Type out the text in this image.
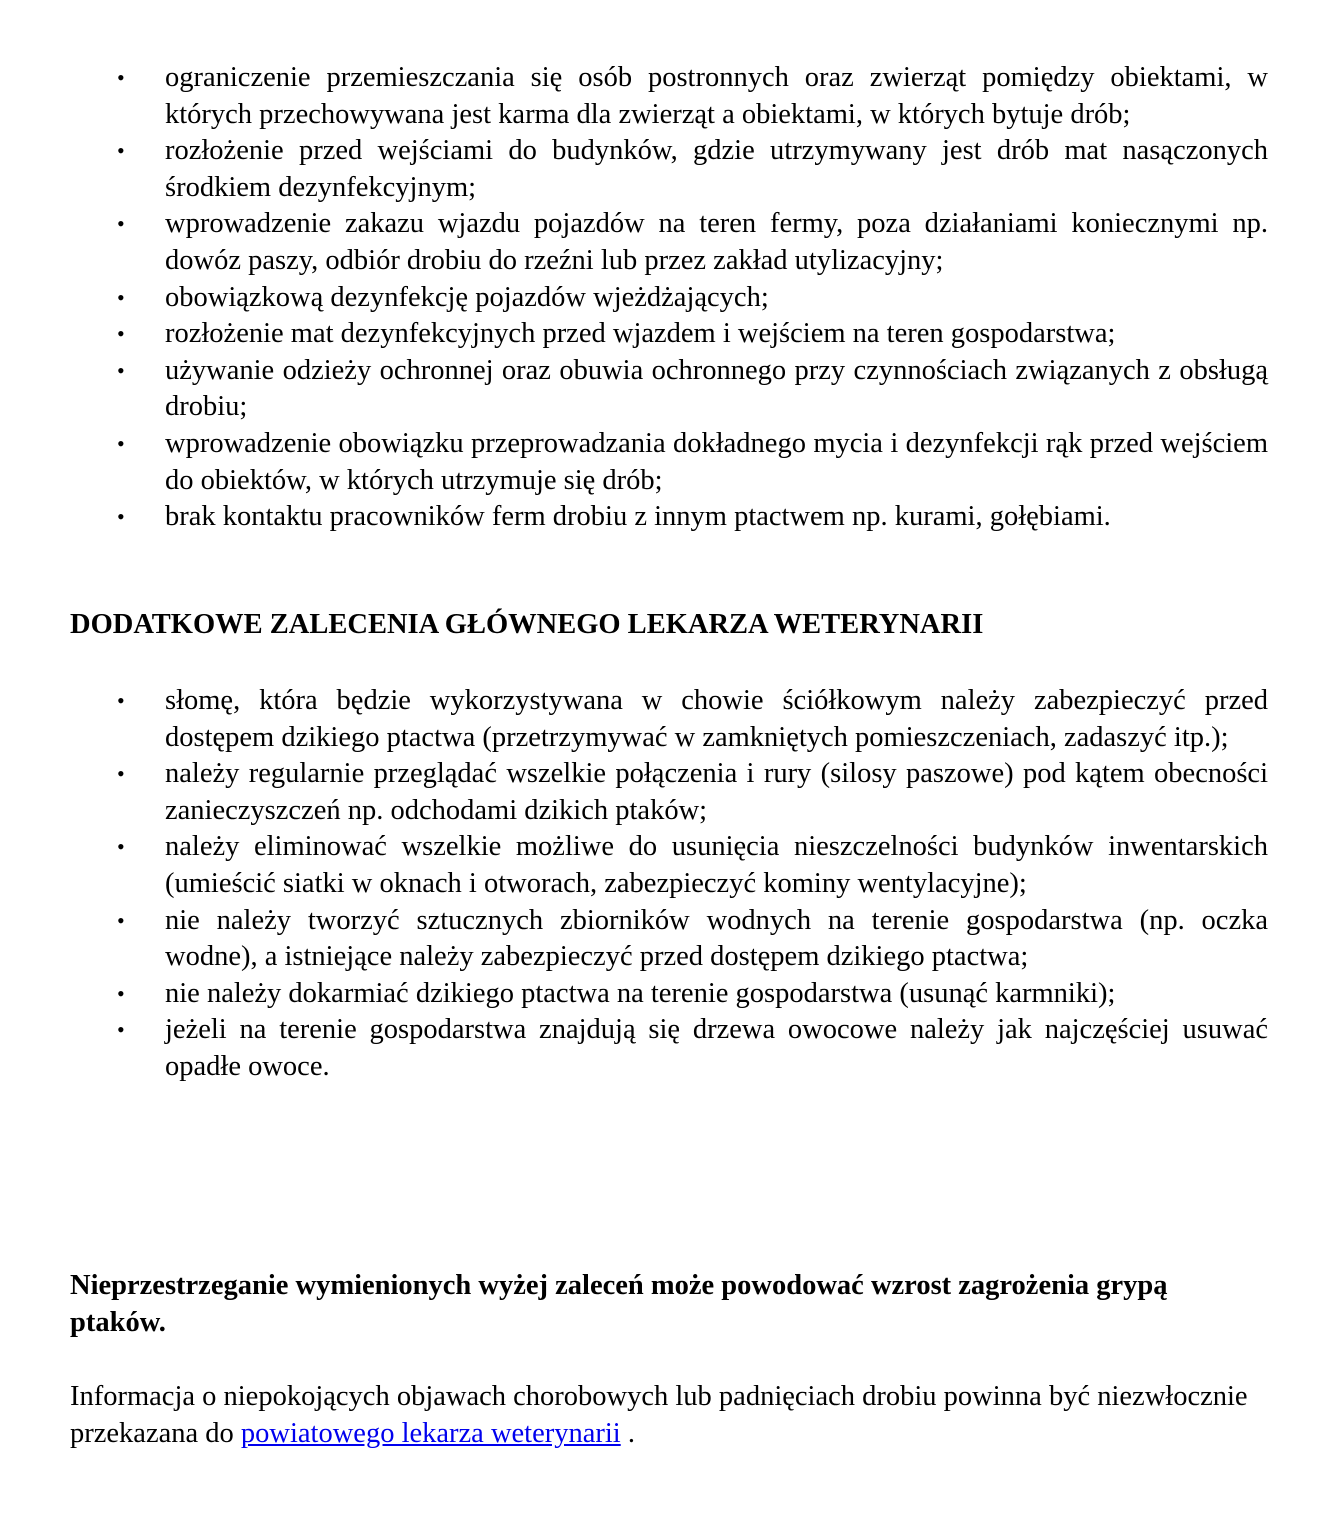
• ograniczenie przemieszczania się osób postronnych oraz zwierząt pomiędzy obiektami, w których przechowywana jest karma dla zwierząt a obiektami, w których bytuje drób;
• rozłożenie przed wejściami do budynków, gdzie utrzymywany jest drób mat nasączonych środkiem dezynfekcyjnym;
• wprowadzenie zakazu wjazdu pojazdów na teren fermy, poza działaniami koniecznymi np. dowóz paszy, odbiór drobiu do rzeźni lub przez zakład utylizacyjny;
• obowiązkową dezynfekcję pojazdów wjeżdżających;
• rozłożenie mat dezynfekcyjnych przed wjazdem i wejściem na teren gospodarstwa;
• używanie odzieży ochronnej oraz obuwia ochronnego przy czynnościach związanych z obsługą drobiu;
• wprowadzenie obowiązku przeprowadzania dokładnego mycia i dezynfekcji rąk przed wejściem do obiektów, w których utrzymuje się drób;
• brak kontaktu pracowników ferm drobiu z innym ptactwem np. kurami, gołębiami.
DODATKOWE ZALECENIA GŁÓWNEGO LEKARZA WETERYNARII
• słomę, która będzie wykorzystywana w chowie ściółkowym należy zabezpieczyć przed dostępem dzikiego ptactwa (przetrzymywać w zamkniętych pomieszczeniach, zadaszyć itp.);
• należy regularnie przeglądać wszelkie połączenia i rury (silosy paszowe) pod kątem obecności zanieczyszczeń np. odchodami dzikich ptaków;
• należy eliminować wszelkie możliwe do usunięcia nieszczelności budynków inwentarskich (umieścić siatki w oknach i otworach, zabezpieczyć kominy wentylacyjne);
• nie należy tworzyć sztucznych zbiorników wodnych na terenie gospodarstwa (np. oczka wodne), a istniejące należy zabezpieczyć przed dostępem dzikiego ptactwa;
• nie należy dokarmiać dzikiego ptactwa na terenie gospodarstwa (usunąć karmniki);
• jeżeli na terenie gospodarstwa znajdują się drzewa owocowe należy jak najczęściej usuwać opadłe owoce.

Nieprzestrzeganie wymienionych wyżej zaleceń może powodować wzrost zagrożenia grypą ptaków.

Informacja o niepokojących objawach chorobowych lub padnięciach drobiu powinna być niezwłocznie przekazana do powiatowego lekarza weterynarii .
